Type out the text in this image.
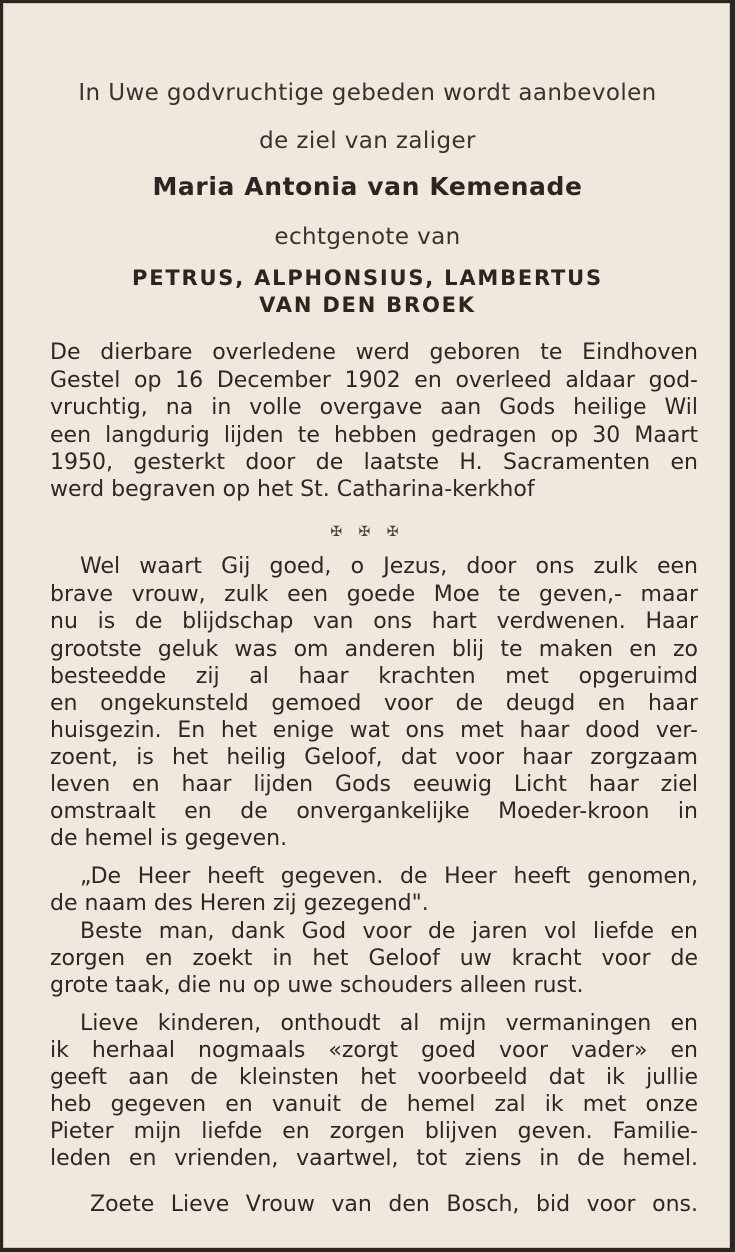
In Uwe godvruchtige gebeden wordt aanbevolen
de ziel van zaliger
Maria Antonia van Kemenade
echtgenote van
PETRUS, ALPHONSIUS, LAMBERTUS
VAN DEN BROEK
De dierbare overledene werd geboren te Eindhoven
Gestel op 16 December 1902 en overleed aldaar god-
vruchtig, na in volle overgave aan Gods heilige Wil
een langdurig lijden te hebben gedragen op 30 Maart
1950, gesterkt door de laatste H. Sacramenten en
werd begraven op het St. Catharina-kerkhof
✠ ✠ ✠
Wel waart Gij goed, o Jezus, door ons zulk een
brave vrouw, zulk een goede Moe te geven,- maar
nu is de blijdschap van ons hart verdwenen. Haar
grootste geluk was om anderen blij te maken en zo
besteedde zij al haar krachten met opgeruimd
en ongekunsteld gemoed voor de deugd en haar
huisgezin. En het enige wat ons met haar dood ver-
zoent, is het heilig Geloof, dat voor haar zorgzaam
leven en haar lijden Gods eeuwig Licht haar ziel
omstraalt en de onvergankelijke Moeder-kroon in
de hemel is gegeven.
„De Heer heeft gegeven. de Heer heeft genomen,
de naam des Heren zij gezegend".
Beste man, dank God voor de jaren vol liefde en
zorgen en zoekt in het Geloof uw kracht voor de
grote taak, die nu op uwe schouders alleen rust.
Lieve kinderen, onthoudt al mijn vermaningen en
ik herhaal nogmaals «zorgt goed voor vader» en
geeft aan de kleinsten het voorbeeld dat ik jullie
heb gegeven en vanuit de hemel zal ik met onze
Pieter mijn liefde en zorgen blijven geven. Familie-
leden en vrienden, vaartwel, tot ziens in de hemel.
Zoete Lieve Vrouw van den Bosch, bid voor ons.
